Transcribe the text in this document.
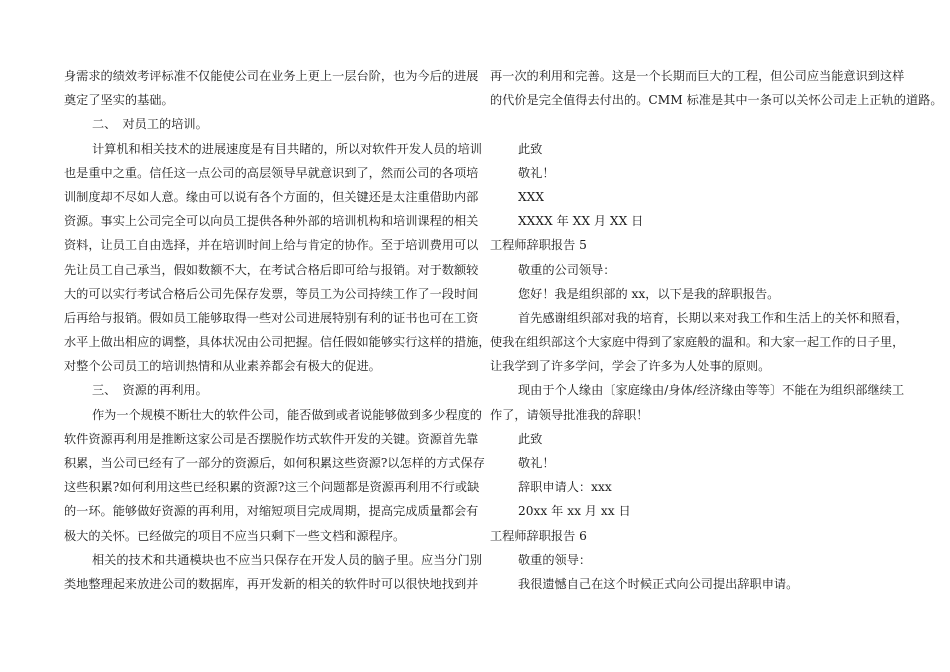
身需求的绩效考评标准不仅能使公司在业务上更上一层台阶，也为今后的进展
奠定了坚实的基础。
二、　对员工的培训。
计算机和相关技术的进展速度是有目共睹的，所以对软件开发人员的培训
也是重中之重。信任这一点公司的高层领导早就意识到了，然而公司的各项培
训制度却不尽如人意。缘由可以说有各个方面的，但关键还是太注重借助内部
资源。事实上公司完全可以向员工提供各种外部的培训机构和培训课程的相关
资料，让员工自由选择，并在培训时间上给与肯定的协作。至于培训费用可以
先让员工自己承当，假如数额不大，在考试合格后即可给与报销。对于数额较
大的可以实行考试合格后公司先保存发票，等员工为公司持续工作了一段时间
后再给与报销。假如员工能够取得一些对公司进展特别有利的证书也可在工资
水平上做出相应的调整，具体状况由公司把握。信任假如能够实行这样的措施，
对整个公司员工的培训热情和从业素养都会有极大的促进。
三、　资源的再利用。
作为一个规模不断壮大的软件公司，能否做到或者说能够做到多少程度的
软件资源再利用是推断这家公司是否摆脱作坊式软件开发的关键。资源首先靠
积累，当公司已经有了一部分的资源后，如何积累这些资源?以怎样的方式保存
这些积累?如何利用这些已经积累的资源?这三个问题都是资源再利用不行或缺
的一环。能够做好资源的再利用，对缩短项目完成周期，提高完成质量都会有
极大的关怀。已经做完的项目不应当只剩下一些文档和源程序。
相关的技术和共通模块也不应当只保存在开发人员的脑子里。应当分门别
类地整理起来放进公司的数据库，再开发新的相关的软件时可以很快地找到并
再一次的利用和完善。这是一个长期而巨大的工程，但公司应当能意识到这样
的代价是完全值得去付出的。CMM 标准是其中一条可以关怀公司走上正轨的道路。
此致
敬礼！
XXX
XXXX 年 XX 月 XX 日
工程师辞职报告 5
敬重的公司领导：
您好！我是组织部的 xx，以下是我的辞职报告。
首先感谢组织部对我的培育，长期以来对我工作和生活上的关怀和照看，
使我在组织部这个大家庭中得到了家庭般的温和。和大家一起工作的日子里，
让我学到了许多学问，学会了许多为人处事的原则。
现由于个人缘由〔家庭缘由/身体/经济缘由等等〕不能在为组织部继续工
作了，请领导批准我的辞职！
此致
敬礼！
辞职申请人：xxx
20xx 年 xx 月 xx 日
工程师辞职报告 6
敬重的领导：
我很遗憾自己在这个时候正式向公司提出辞职申请。
